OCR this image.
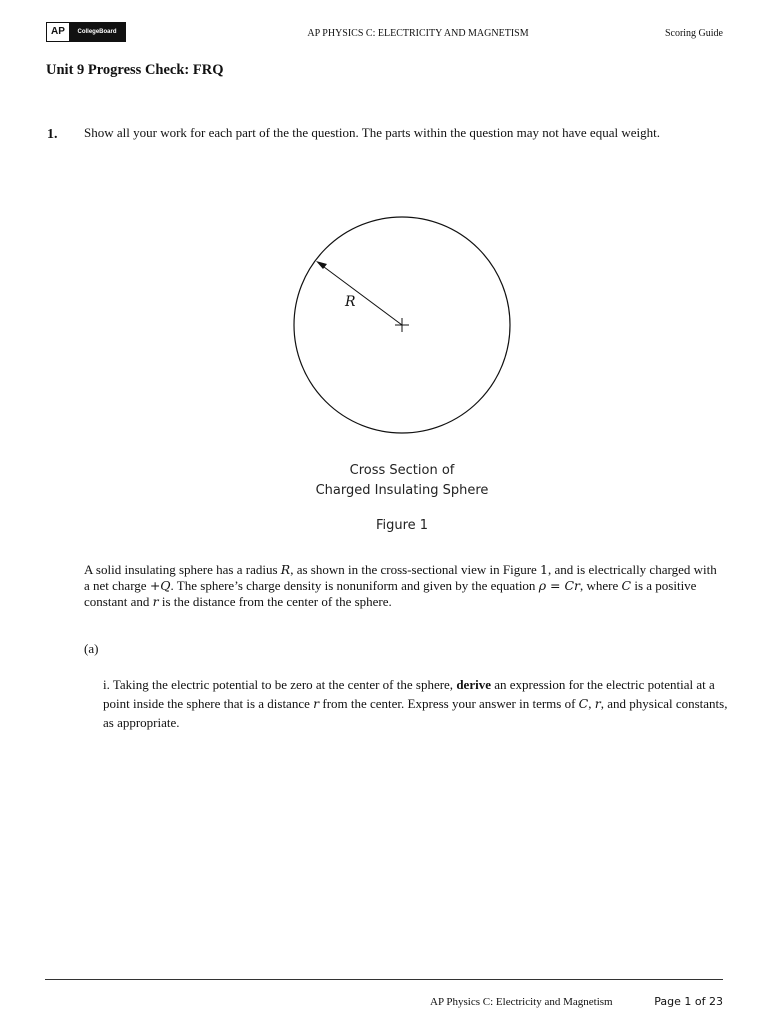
AP	CollegeBoard	AP PHYSICS C: ELECTRICITY AND MAGNETISM	Scoring Guide
Unit 9 Progress Check: FRQ
1. Show all your work for each part of the the question. The parts within the question may not have equal weight.
R
Cross Section of
Charged Insulating Sphere
Figure 1
A solid insulating sphere has a radius R, as shown in the cross-sectional view in Figure 1, and is electrically charged with a net charge +Q. The sphere’s charge density is nonuniform and given by the equation ρ = Cr, where C is a positive constant and r is the distance from the center of the sphere.
(a)
i. Taking the electric potential to be zero at the center of the sphere, derive an expression for the electric potential at a point inside the sphere that is a distance r from the center. Express your answer in terms of C, r, and physical constants, as appropriate.
AP Physics C: Electricity and Magnetism	Page 1 of 23
